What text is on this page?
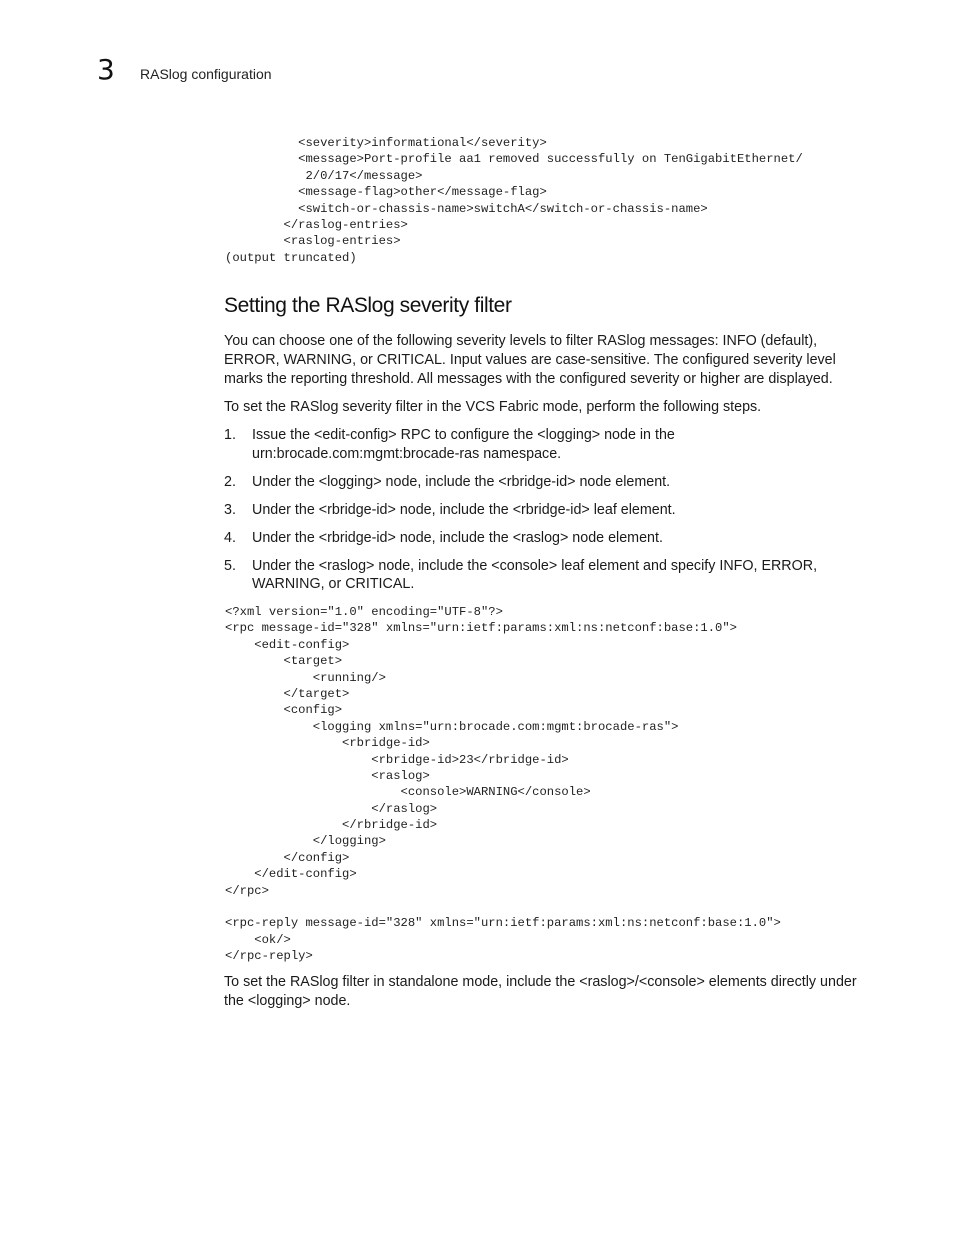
3 RASlog configuration
<severity>informational</severity>
<message>Port-profile aa1 removed successfully on TenGigabitEthernet/
2/0/17</message>
<message-flag>other</message-flag>
<switch-or-chassis-name>switchA</switch-or-chassis-name>
</raslog-entries>
<raslog-entries>
(output truncated)
Setting the RASlog severity filter

You can choose one of the following severity levels to filter RASlog messages: INFO (default), ERROR, WARNING, or CRITICAL. Input values are case-sensitive. The configured severity level marks the reporting threshold. All messages with the configured severity or higher are displayed.

To set the RASlog severity filter in the VCS Fabric mode, perform the following steps.

1. Issue the <edit-config> RPC to configure the <logging> node in the urn:brocade.com:mgmt:brocade-ras namespace.
2. Under the <logging> node, include the <rbridge-id> node element.
3. Under the <rbridge-id> node, include the <rbridge-id> leaf element.
4. Under the <rbridge-id> node, include the <raslog> node element.
5. Under the <raslog> node, include the <console> leaf element and specify INFO, ERROR, WARNING, or CRITICAL.
<?xml version="1.0" encoding="UTF-8"?>
<rpc message-id="328" xmlns="urn:ietf:params:xml:ns:netconf:base:1.0">
<edit-config>
<target>
<running/>
</target>
<config>
<logging xmlns="urn:brocade.com:mgmt:brocade-ras">
<rbridge-id>
<rbridge-id>23</rbridge-id>
<raslog>
<console>WARNING</console>
</raslog>
</rbridge-id>
</logging>
</config>
</edit-config>
</rpc>
<rpc-reply message-id="328" xmlns="urn:ietf:params:xml:ns:netconf:base:1.0">
<ok/>
</rpc-reply>

To set the RASlog filter in standalone mode, include the <raslog>/<console> elements directly under the <logging> node.
